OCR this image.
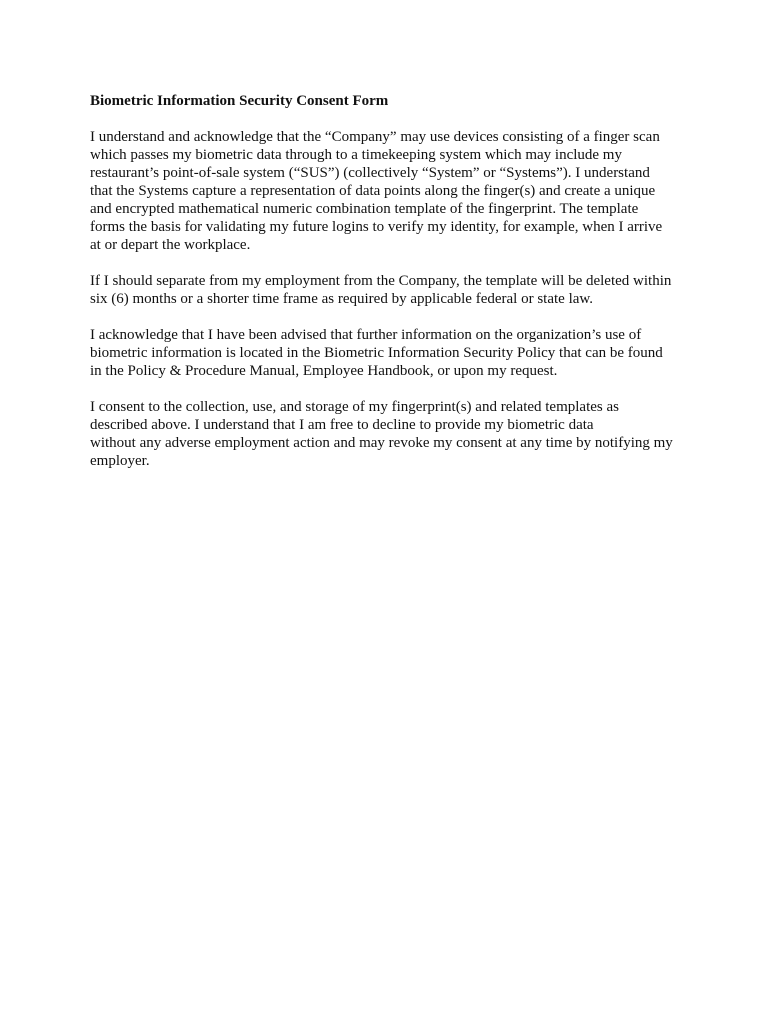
Biometric Information Security Consent Form
I understand and acknowledge that the “Company” may use devices consisting of a finger scan
which passes my biometric data through to a timekeeping system which may include my
restaurant’s point-of-sale system (“SUS”) (collectively “System” or “Systems”). I understand
that the Systems capture a representation of data points along the finger(s) and create a unique
and encrypted mathematical numeric combination template of the fingerprint. The template
forms the basis for validating my future logins to verify my identity, for example, when I arrive
at or depart the workplace.
If I should separate from my employment from the Company, the template will be deleted within
six (6) months or a shorter time frame as required by applicable federal or state law.
I acknowledge that I have been advised that further information on the organization’s use of
biometric information is located in the Biometric Information Security Policy that can be found
in the Policy & Procedure Manual, Employee Handbook, or upon my request.
I consent to the collection, use, and storage of my fingerprint(s) and related templates as
described above. I understand that I am free to decline to provide my biometric data
without any adverse employment action and may revoke my consent at any time by notifying my
employer.
